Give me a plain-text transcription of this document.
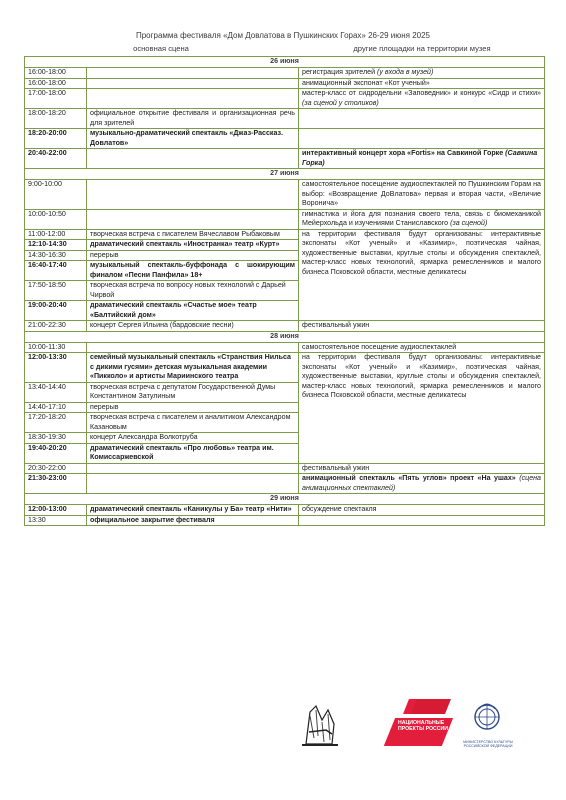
Программа фестиваля «Дом Довлатова в Пушкинских Горах» 26-29 июня 2025
основная сцена	другие площадки на территории музея
26 июня		
16:00-18:00		регистрация зрителей (у входа в музей)
16:00-18:00		анимационный экспонат «Кот ученый»
17:00-18:00		мастер-класс от сидродельни «Заповедник» и конкурс «Сидр и стихи» (за сценой у столиков)
18:00-18:20	официальное открытие фестиваля и организационная речь для зрителей	
18:20-20:00	музыкально-драматический спектакль «Джаз-Рассказ. Довлатов»	
20:40-22:00		интерактивный концерт хора «Fortis» на Савкиной Горке (Савкина Горка)
27 июня		
9:00-10:00		самостоятельное посещение аудиоспектаклей по Пушкинским Горам на выбор: «Возвращение ДоВлатова» первая и вторая части, «Величие Воронича»
10:00-10:50		гимнастика и йога для познания своего тела, связь с биомеханикой Мейерхольда и изучениями Станиславского (за сценой)
11:00-12:00	творческая встреча с писателем Вячеславом Рыбаковым	на территории фестиваля будут организованы: интерактивные экспонаты «Кот ученый» и «Казимир», поэтическая чайная, художественные выставки, круглые столы и обсуждения спектаклей, мастер-класс новых технологий, ярмарка ремесленников и малого бизнеса Псковской области, местные деликатесы
12:10-14:30	драматический спектакль «Иностранка» театр «Курт»	
14:30-16:30	перерыв	
16:40-17:40	музыкальный спектакль-буффонада с шокирующим финалом «Песни Панфила» 18+	
17:50-18:50	творческая встреча по вопросу новых технологий с Дарьей Чирвой	
19:00-20:40	драматический спектакль «Счастье мое» театр «Балтийский дом»	
21:00-22:30	концерт Сергея Ильина (бардовские песни)	фестивальный ужин
28 июня		
10:00-11:30		самостоятельное посещение аудиоспектаклей
12:00-13:30	семейный музыкальный спектакль «Странствия Нильса с дикими гусями» детская музыкальная академии «Пикколо» и артисты Мариинского театра	на территории фестиваля будут организованы: интерактивные экспонаты «Кот ученый» и «Казимир», поэтическая чайная, художественные выставки, круглые столы и обсуждения спектаклей, мастер-класс новых технологий, ярмарка ремесленников и малого бизнеса Псковской области, местные деликатесы
13:40-14:40	творческая встреча с депутатом Государственной Думы Константином Затулиным	
14:40-17:10	перерыв	
17:20-18:20	творческая встреча с писателем и аналитиком Александром Казановым	
18:30-19:30	концерт Александра Волкотруба	
19:40-20:20	драматический спектакль «Про любовь» театра им. Комиссаржевской	
20:30-22:00		фестивальный ужин
21:30-23:00		анимационный спектакль «Пять углов» проект «На ушах» (сцена анимационных спектаклей)
29 июня		
12:00-13:00	драматический спектакль «Каникулы у Ба» театр «Нити»	обсуждение спектакля
13:30	официальное закрытие фестиваля	
НАЦИОНАЛЬНЫЕ ПРОЕКТЫ РОССИИ
МИНИСТЕРСТВО КУЛЬТУРЫ РОССИЙСКОЙ ФЕДЕРАЦИИ
